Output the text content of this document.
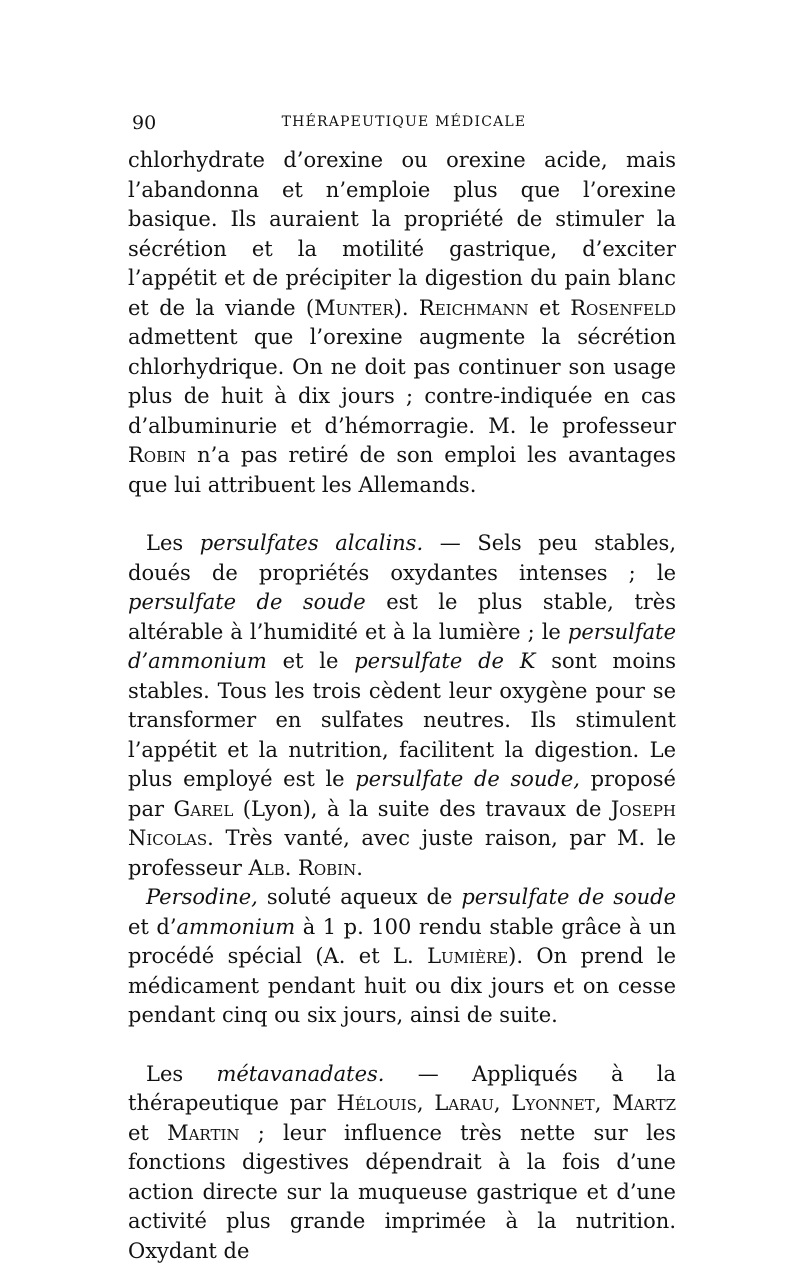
90	THÉRAPEUTIQUE MÉDICALE

chlorhydrate d’orexine ou orexine acide, mais l’abandonna et n’emploie plus que l’orexine basique. Ils auraient la propriété de stimuler la sécrétion et la motilité gastrique, d’exciter l’appétit et de précipiter la digestion du pain blanc et de la viande (Munter). Reichmann et Rosenfeld admettent que l’orexine augmente la sécrétion chlorhydrique. On ne doit pas continuer son usage plus de huit à dix jours ; contre-indiquée en cas d’albuminurie et d’hémorragie. M. le professeur Robin n’a pas retiré de son emploi les avantages que lui attribuent les Allemands.

Les persulfates alcalins. — Sels peu stables, doués de propriétés oxydantes intenses ; le persulfate de soude est le plus stable, très altérable à l’humidité et à la lumière ; le persulfate d’ammonium et le persulfate de K sont moins stables. Tous les trois cèdent leur oxygène pour se transformer en sulfates neutres. Ils stimulent l’appétit et la nutrition, facilitent la digestion. Le plus employé est le persulfate de soude, proposé par Garel (Lyon), à la suite des travaux de Joseph Nicolas. Très vanté, avec juste raison, par M. le professeur Alb. Robin.

Persodine, soluté aqueux de persulfate de soude et d’ammonium à 1 p. 100 rendu stable grâce à un procédé spécial (A. et L. Lumière). On prend le médicament pendant huit ou dix jours et on cesse pendant cinq ou six jours, ainsi de suite.

Les métavanadates. — Appliqués à la thérapeutique par Hélouis, Larau, Lyonnet, Martz et Martin ; leur influence très nette sur les fonctions digestives dépendrait à la fois d’une action directe sur la muqueuse gastrique et d’une activité plus grande imprimée à la nutrition. Oxydant de
